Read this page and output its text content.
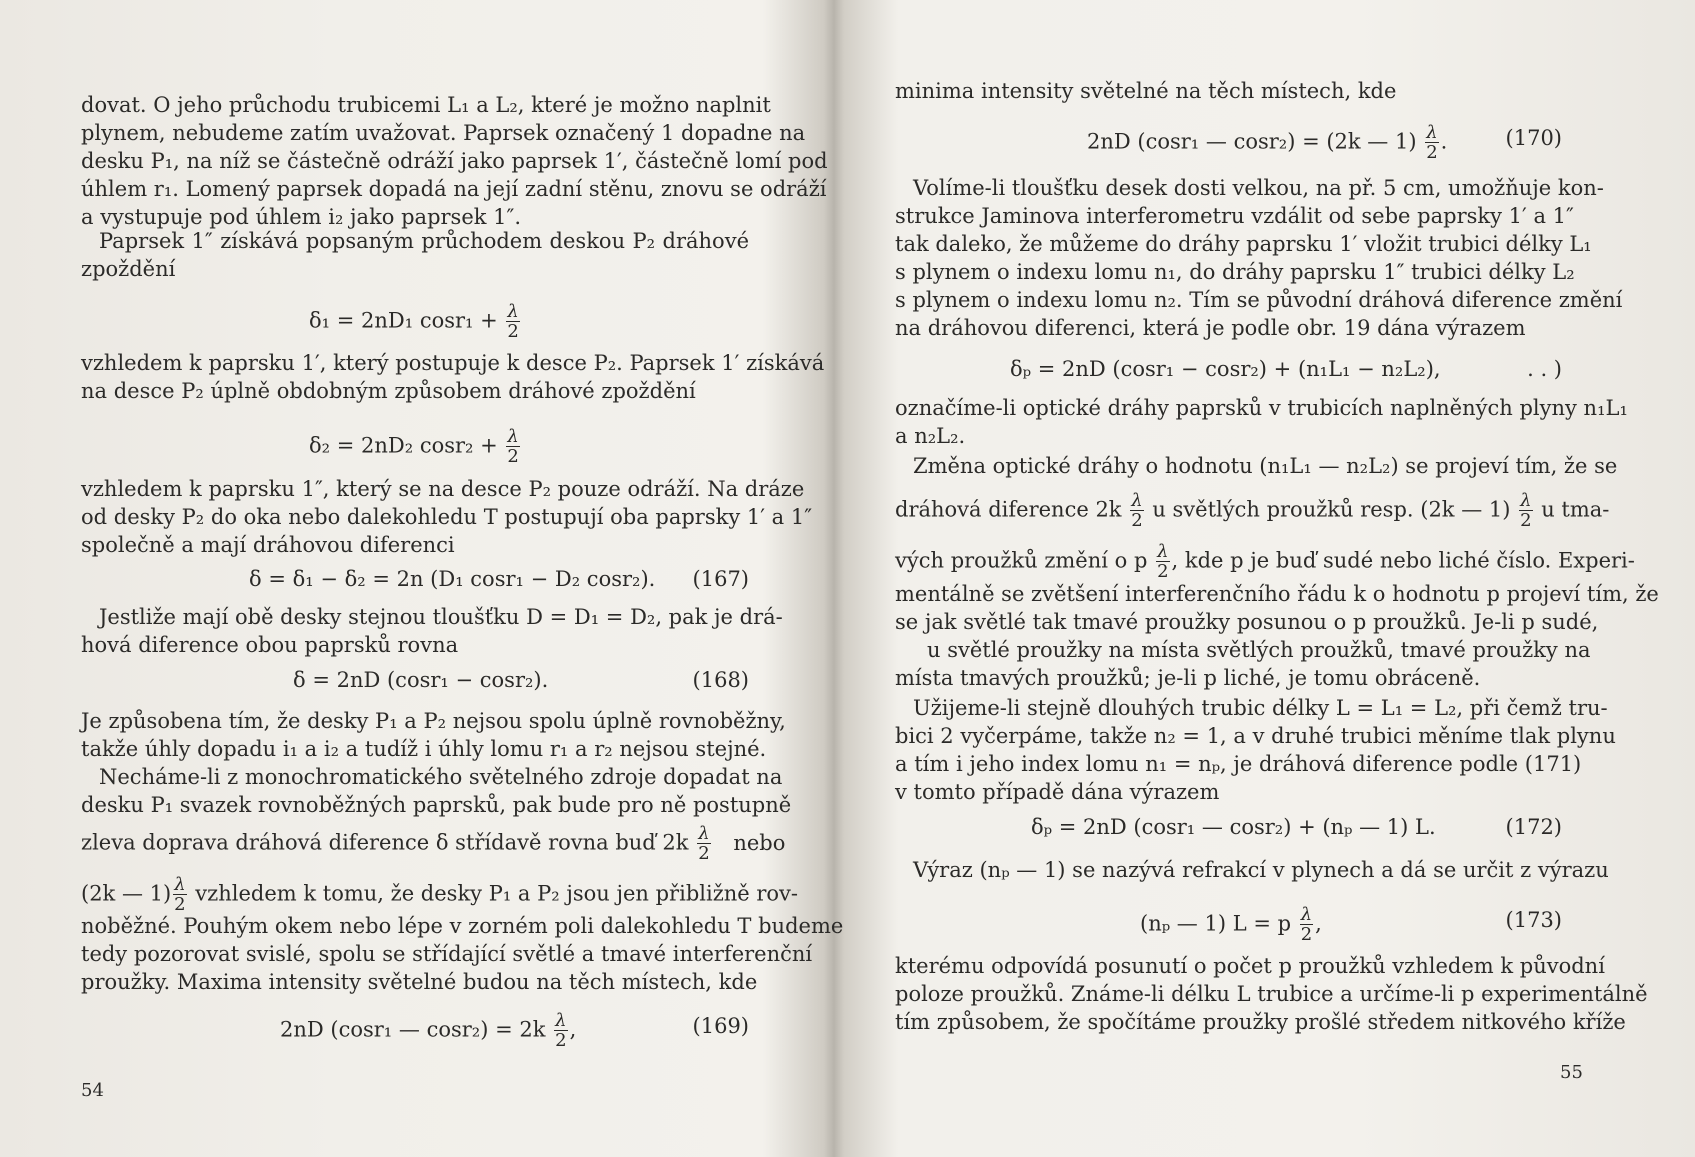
dovat. O jeho průchodu trubicemi L₁ a L₂, které je možno naplnit
plynem, nebudeme zatím uvažovat. Paprsek označený 1 dopadne na
desku P₁, na níž se částečně odráží jako paprsek 1′, částečně lomí pod
úhlem r₁. Lomený paprsek dopadá na její zadní stěnu, znovu se odráží
a vystupuje pod úhlem i₂ jako paprsek 1″.
Paprsek 1″ získává popsaným průchodem deskou P₂ dráhové
zpoždění
δ₁ = 2nD₁ $\cos r_1 + \frac{\lambda}{2}$
vzhledem k paprsku 1′, který postupuje k desce P₂. Paprsek 1′ získává
na desce P₂ úplně obdobným způsobem dráhové zpoždění
δ₂ = 2nD₂ $\cos r_2 + \frac{\lambda}{2}$
vzhledem k paprsku 1″, který se na desce P₂ pouze odráží. Na dráze
od desky P₂ do oka nebo dalekohledu T postupují oba paprsky 1′ a 1″
společně a mají dráhovou diferenci
δ = δ₁ − δ₂ = 2n (D₁ cosr₁ − D₂ cosr₂). (167)
Jestliže mají obě desky stejnou tloušťku D = D₁ = D₂, pak je drá-
hová diference obou paprsků rovna
δ = 2nD (cosr₁ − cosr₂).	(168)
Je způsobena tím, že desky P₁ a P₂ nejsou spolu úplně rovnoběžny,
takže úhly dopadu i₁ a i₂ a tudíž i úhly lomu r₁ a r₂ nejsou stejné.
Necháme-li z monochromatického světelného zdroje dopadat na
desku P₁ svazek rovnoběžných paprsků, pak bude pro ně postupně
zleva doprava dráhová diference δ střídavě rovna buď $2k \frac{\lambda}{2}$ nebo
(2k — $1) \frac{\lambda}{2}$ vzhledem k tomu, že desky P₁ a P₂ jsou jen přibližně rov-
noběžné. Pouhým okem nebo lépe v zorném poli dalekohledu T budeme
tedy pozorovat svislé, spolu se střídající světlé a tmavé interferenční
proužky. Maxima intensity světelné budou na těch místech, kde
2nD (cosr₁ — $\cos r_2) = 2k \frac{\lambda}{2}$ ,	(169)
54
minima intensity světelné na těch místech, kde
2nD (cosr₁ — cosr₂) = (2k — $1) \frac{\lambda}{2}$ .	(170)
Volíme-li tloušťku desek dosti velkou, na př. 5 cm, umožňuje kon-
strukce Jaminova interferometru vzdálit od sebe paprsky 1′ a 1″
tak daleko, že můžeme do dráhy paprsku 1′ vložit trubici délky L₁
s plynem o indexu lomu n₁, do dráhy paprsku 1″ trubici délky L₂
s plynem o indexu lomu n₂. Tím se původní dráhová diference změní
na dráhovou diferenci, která je podle obr. 19 dána výrazem
δₚ = 2nD (cosr₁ − cosr₂) + (n₁L₁ − n₂L₂),	. . )
označíme-li optické dráhy paprsků v trubicích naplněných plyny n₁L₁
a n₂L₂.
Změna optické dráhy o hodnotu (n₁L₁ — n₂L₂) se projeví tím, že se
dráhová diference $2k \frac{\lambda}{2}$ u světlých proužků resp. (2k — $1) \frac{\lambda}{2}$ u tma-
vých proužků změní o p $\frac{\lambda}{2}$ , kde p je buď sudé nebo liché číslo. Experi-
mentálně se zvětšení interferenčního řádu k o hodnotu p projeví tím, že
se jak světlé tak tmavé proužky posunou o p proužků. Je-li p sudé,
u světlé proužky na místa světlých proužků, tmavé proužky na
místa tmavých proužků; je-li p liché, je tomu obráceně.
Užijeme-li stejně dlouhých trubic délky L = L₁ = L₂, při čemž tru-
bici 2 vyčerpáme, takže n₂ = 1, a v druhé trubici měníme tlak plynu
a tím i jeho index lomu n₁ = nₚ, je dráhová diference podle (171)
v tomto případě dána výrazem
δₚ = 2nD (cosr₁ — cosr₂) + (nₚ — 1) L.	(172)
Výraz (nₚ — 1) se nazývá refrakcí v plynech a dá se určit z výrazu
(nₚ — 1) L = p $\frac{\lambda}{2}$ ,	(173)
kterému odpovídá posunutí o počet p proužků vzhledem k původní
poloze proužků. Známe-li délku L trubice a určíme-li p experimentálně
tím způsobem, že spočítáme proužky prošlé středem nitkového kříže
55
